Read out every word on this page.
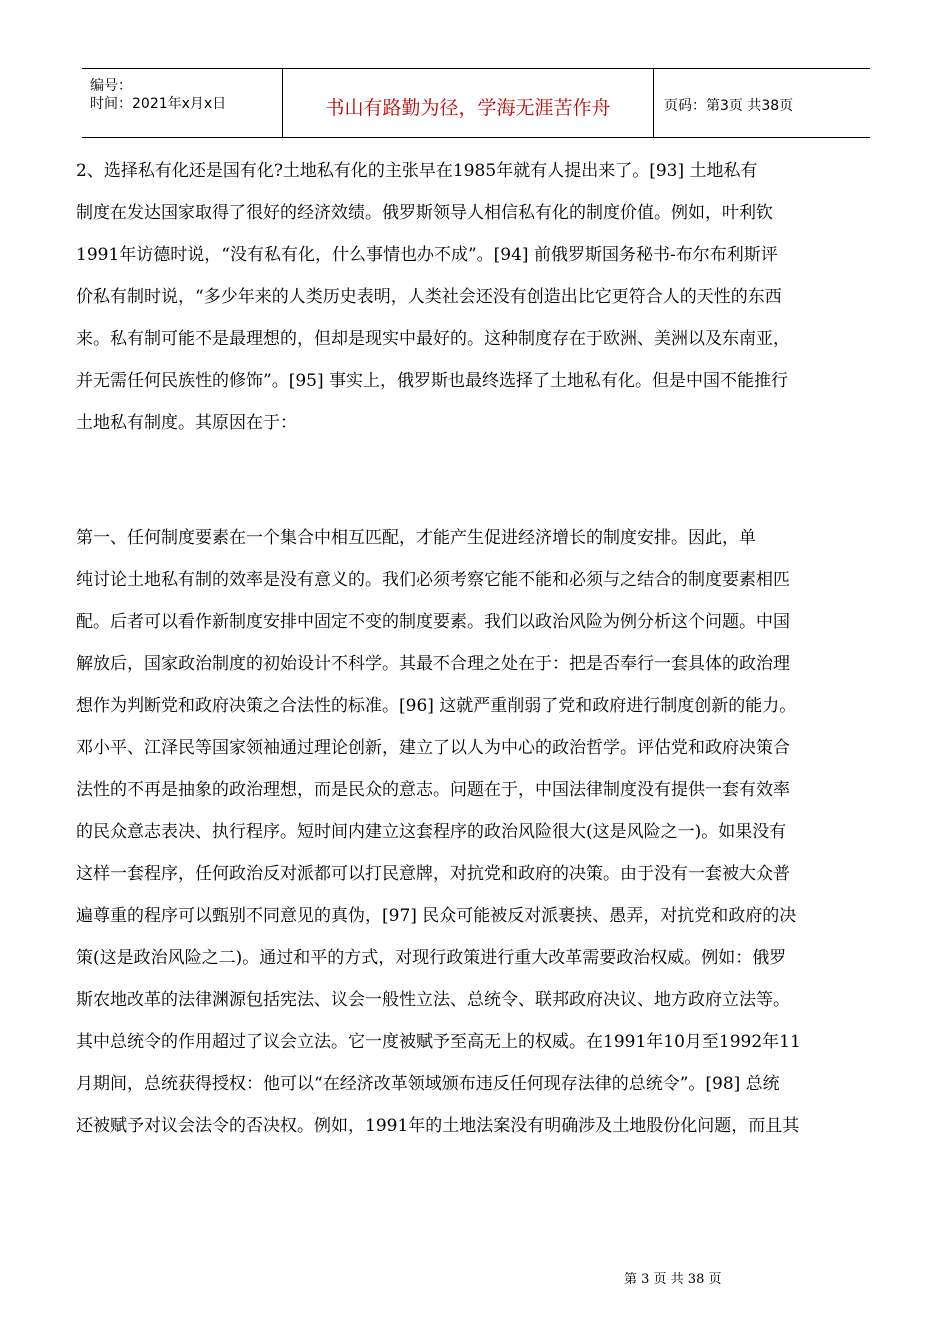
编号：
时间：2021年x月x日	书山有路勤为径，学海无涯苦作舟	页码：第3页 共38页

2、选择私有化还是国有化?土地私有化的主张早在1985年就有人提出来了。[93] 土地私有

制度在发达国家取得了很好的经济效绩。俄罗斯领导人相信私有化的制度价值。例如，叶利钦

1991年访德时说，“没有私有化，什么事情也办不成”。[94] 前俄罗斯国务秘书-布尔布利斯评

价私有制时说，“多少年来的人类历史表明，人类社会还没有创造出比它更符合人的天性的东西

来。私有制可能不是最理想的，但却是现实中最好的。这种制度存在于欧洲、美洲以及东南亚，

并无需任何民族性的修饰”。[95] 事实上，俄罗斯也最终选择了土地私有化。但是中国不能推行

土地私有制度。其原因在于：

第一、任何制度要素在一个集合中相互匹配，才能产生促进经济增长的制度安排。因此，单

纯讨论土地私有制的效率是没有意义的。我们必须考察它能不能和必须与之结合的制度要素相匹

配。后者可以看作新制度安排中固定不变的制度要素。我们以政治风险为例分析这个问题。中国

解放后，国家政治制度的初始设计不科学。其最不合理之处在于：把是否奉行一套具体的政治理

想作为判断党和政府决策之合法性的标准。[96] 这就严重削弱了党和政府进行制度创新的能力。

邓小平、江泽民等国家领袖通过理论创新，建立了以人为中心的政治哲学。评估党和政府决策合

法性的不再是抽象的政治理想，而是民众的意志。问题在于，中国法律制度没有提供一套有效率

的民众意志表决、执行程序。短时间内建立这套程序的政治风险很大(这是风险之一)。如果没有

这样一套程序，任何政治反对派都可以打民意牌，对抗党和政府的决策。由于没有一套被大众普

遍尊重的程序可以甄别不同意见的真伪，[97] 民众可能被反对派裹挟、愚弄，对抗党和政府的决

策(这是政治风险之二)。通过和平的方式，对现行政策进行重大改革需要政治权威。例如：俄罗

斯农地改革的法律渊源包括宪法、议会一般性立法、总统令、联邦政府决议、地方政府立法等。

其中总统令的作用超过了议会立法。它一度被赋予至高无上的权威。在1991年10月至1992年11

月期间，总统获得授权：他可以“在经济改革领域颁布违反任何现存法律的总统令”。[98] 总统

还被赋予对议会法令的否决权。例如，1991年的土地法案没有明确涉及土地股份化问题，而且其

第 3 页 共 38 页
